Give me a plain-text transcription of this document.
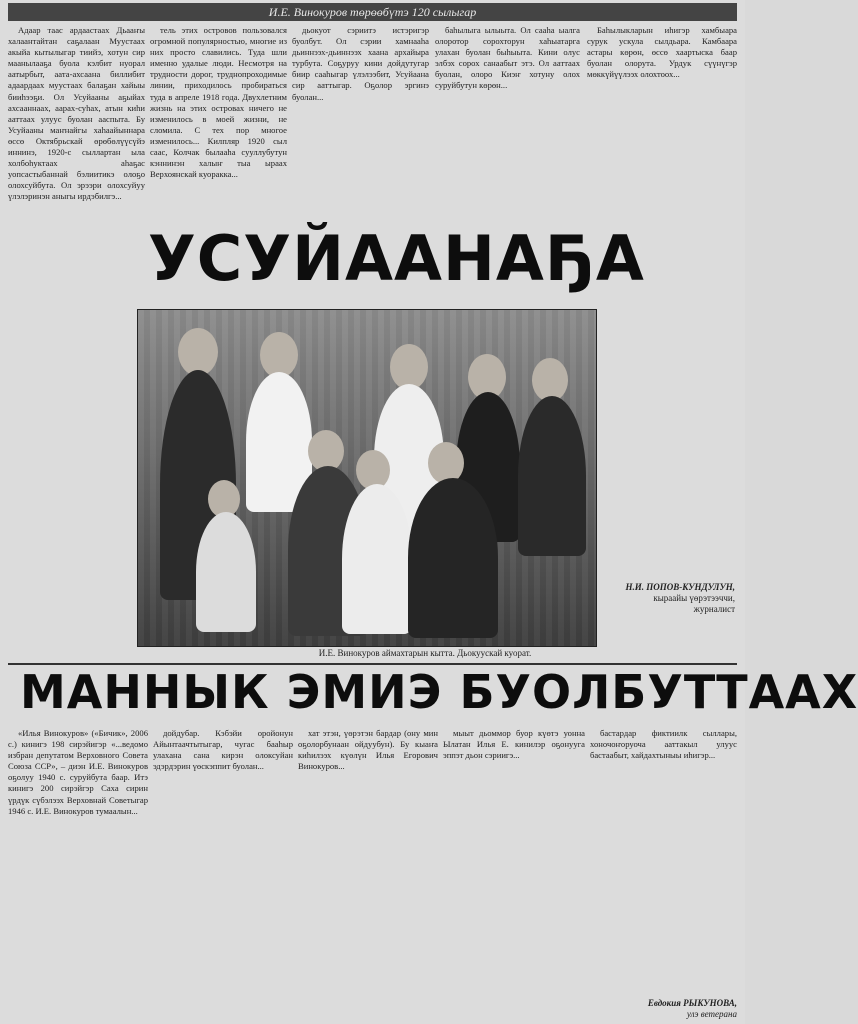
И.Е. Винокуров төрөөбүтэ 120 сылыгар

Адаар таас ардаастаах Дьааҥы халаантайтан саҕалаан Муустаах акыйа кытылыгар тиийэ, хотун сир маанылааҕа буола кэлбит нуорал аатырбыт, аата-ахсаана биллибит адаардаах муустаах балаҕан хайыы бииһээҕи. Ол Усуйааны аҕыйах ахсааннаах, аарах-суһах, атын киһи ааттаах улуус буолан ааспыта. Бу Усуйааны маҥнайгы хаһаайыннара өссө Октябрьскай өрөбөлүүсүйэ иннинэ, 1920-с сыллартан ыла холбоһуктаах аһаҕас уопсастыбаннай бэлиитикэ олоҕо олохсуйбута. Ол эрээри олохсуйуу үлэлэринэн аныгы ирдэбилгэ...

тель этих островов пользовался огромной популярностью, многие из них просто славились. Туда шли именно удалые люди. Несмотря на трудности дорог, труднопроходимые линии, приходилось пробираться туда в апреле 1918 года. Двухлетним жизнь на этих островах ничего не изменилось в моей жизни, не сломила. С тех пор многое изменилось... Килпляр 1920 сыл саас, Колчак былааһа сууллубутун кэннинэн халыҥ тыа ыраах Верхоянскай куоракка...

дьокуот сэриитэ истэригэр буолбут. Ол сэрии хамнааһа дьиннээх-дьиннээх хаана архайыра турбута. Соҕуруу кини дойдутугар биир сааһыгар үлэлээбит, Усуйаана сир ааттыгар. Оҕолор эргинэ буолан...

баһылыга ылыыта. Ол сааһа ыалга олоротор сорохторун хаһыатарга улахан буолан быһыыта. Кини олус элбэх сорох санаабыт этэ. Ол ааттаах буолан, олоро Киэҥ хотуну олох суруйбутун көрөн...

Баһылыкларын иһигэр хамбыара сурук ускула сылдьара. Камбаара астары көрөн, өссө хаартыска баар буолан олорута. Урдук сүүнүгэр мөккүйүүлээх олохтоох...

УСУЙААНАҔА
И.Е. Винокуров аймахтарын кытта. Дьокуускай куорат.
Н.И. ПОПОВ-КУНДУЛУН,
кыраайы үөрэтээччи,
журналист
МАННЫК ЭМИЭ БУОЛБУТТААХ

«Илья Винокуров» («Бичик», 2006 с.) кинигэ 198 сирэйигэр «...ведомо избран депутатом Верховного Совета Союза ССР», – диэн И.Е. Винокуров оҕолуу 1940 с. суруйбута баар. Итэ кинигэ 200 сирэйгэр Саха сирин үрдүк сүбэлээх Верховнай Советыгар 1946 с. И.Е. Винокуров тумаалын...

дойдубар. Кэбэйи оройонун Айынтаачтытыгар, чугас бааһыр улахана сана кирэн олоксуйан эдэрдэрин үөскэппит буолан...

хат этэн, үөрэтэн бардар (ону мин оҕолорбунаан ойдуубун). Бу кыаҥа киһилээх күөлүн Илья Егорович Винокуров...

мыыт дьоммор буор күөтэ уонна Ылатан Илья Е. кинилэр оҕонууга эппэт дьон сэриигэ...

бастардар фиктиилк сыллары, хоночоҥоруоча ааттакыл улуус бастаабыт, хайдахтыныы иһигэр...

Евдокия РЫКУНОВА,
улэ ветерана
